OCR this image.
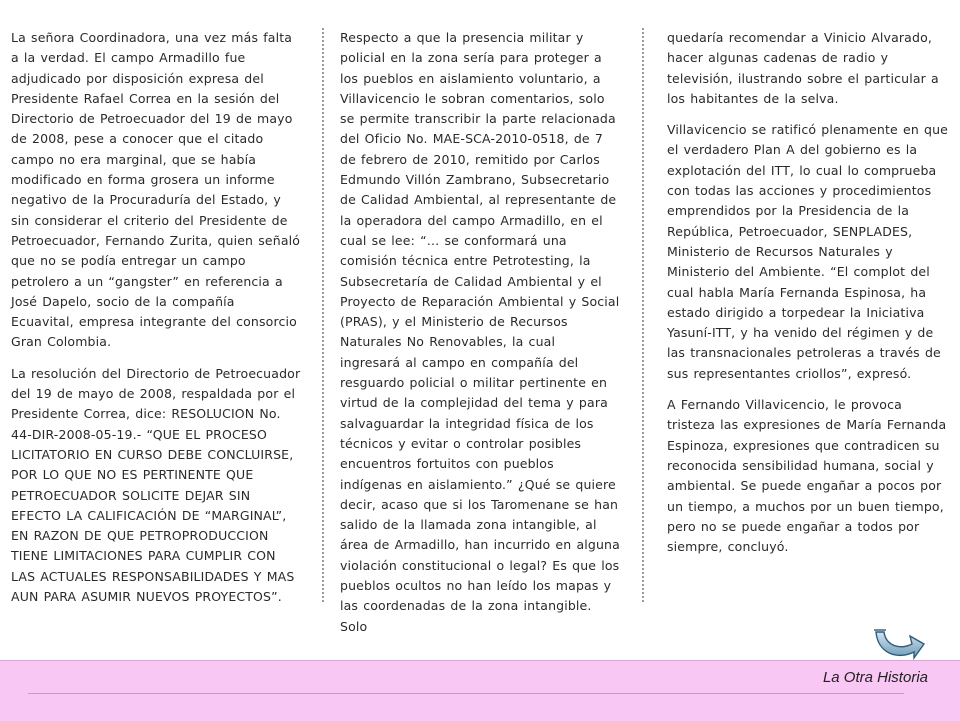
La señora Coordinadora, una vez más falta a la verdad. El campo Armadillo fue adjudicado por disposición expresa del Presidente Rafael Correa en la sesión del Directorio de Petroecuador del 19 de mayo de 2008, pese a conocer que el citado campo no era marginal, que se había modificado en forma grosera un informe negativo de la Procuraduría del Estado, y sin considerar el criterio del Presidente de Petroecuador, Fernando Zurita, quien señaló que no se podía entregar un campo petrolero a un “gangster” en referencia a José Dapelo, socio de la compañía Ecuavital, empresa integrante del consorcio Gran Colombia.

La resolución del Directorio de Petroecuador del 19 de mayo de 2008, respaldada por el Presidente Correa, dice: RESOLUCION No. 44-DIR-2008-05-19.- “QUE EL PROCESO LICITATORIO EN CURSO DEBE CONCLUIRSE, POR LO QUE NO ES PERTINENTE QUE PETROECUADOR SOLICITE DEJAR SIN EFECTO LA CALIFICACIÓN DE “MARGINAL”, EN RAZON DE QUE PETROPRODUCCION TIENE LIMITACIONES PARA CUMPLIR CON LAS ACTUALES RESPONSABILIDADES Y MAS AUN PARA ASUMIR NUEVOS PROYECTOS”.

Respecto a que la presencia militar y policial en la zona sería para proteger a los pueblos en aislamiento voluntario, a Villavicencio le sobran comentarios, solo se permite transcribir la parte relacionada del Oficio No. MAE-SCA-2010-0518, de 7 de febrero de 2010, remitido por Carlos Edmundo Villón Zambrano, Subsecretario de Calidad Ambiental, al representante de la operadora del campo Armadillo, en el cual se lee: “… se conformará una comisión técnica entre Petrotesting, la Subsecretaría de Calidad Ambiental y el Proyecto de Reparación Ambiental y Social (PRAS), y el Ministerio de Recursos Naturales No Renovables, la cual ingresará al campo en compañía del resguardo policial o militar pertinente en virtud de la complejidad del tema y para salvaguardar la integridad física de los técnicos y evitar o controlar posibles encuentros fortuitos con pueblos indígenas en aislamiento.” ¿Qué se quiere decir, acaso que si los Taromenane se han salido de la llamada zona intangible, al área de Armadillo, han incurrido en alguna violación constitucional o legal? Es que los pueblos ocultos no han leído los mapas y las coordenadas de la zona intangible. Solo

quedaría recomendar a Vinicio Alvarado, hacer algunas cadenas de radio y televisión, ilustrando sobre el particular a los habitantes de la selva.

Villavicencio se ratificó plenamente en que el verdadero Plan A del gobierno es la explotación del ITT, lo cual lo comprueba con todas las acciones y procedimientos emprendidos por la Presidencia de la República, Petroecuador, SENPLADES, Ministerio de Recursos Naturales y Ministerio del Ambiente. “El complot del cual habla María Fernanda Espinosa, ha estado dirigido a torpedear la Iniciativa Yasuní-ITT, y ha venido del régimen y de las transnacionales petroleras a través de sus representantes criollos”, expresó.

A Fernando Villavicencio, le provoca tristeza las expresiones de María Fernanda Espinoza, expresiones que contradicen su reconocida sensibilidad humana, social y ambiental. Se puede engañar a pocos por un tiempo, a muchos por un buen tiempo, pero no se puede engañar a todos por siempre, concluyó.

La Otra Historia
